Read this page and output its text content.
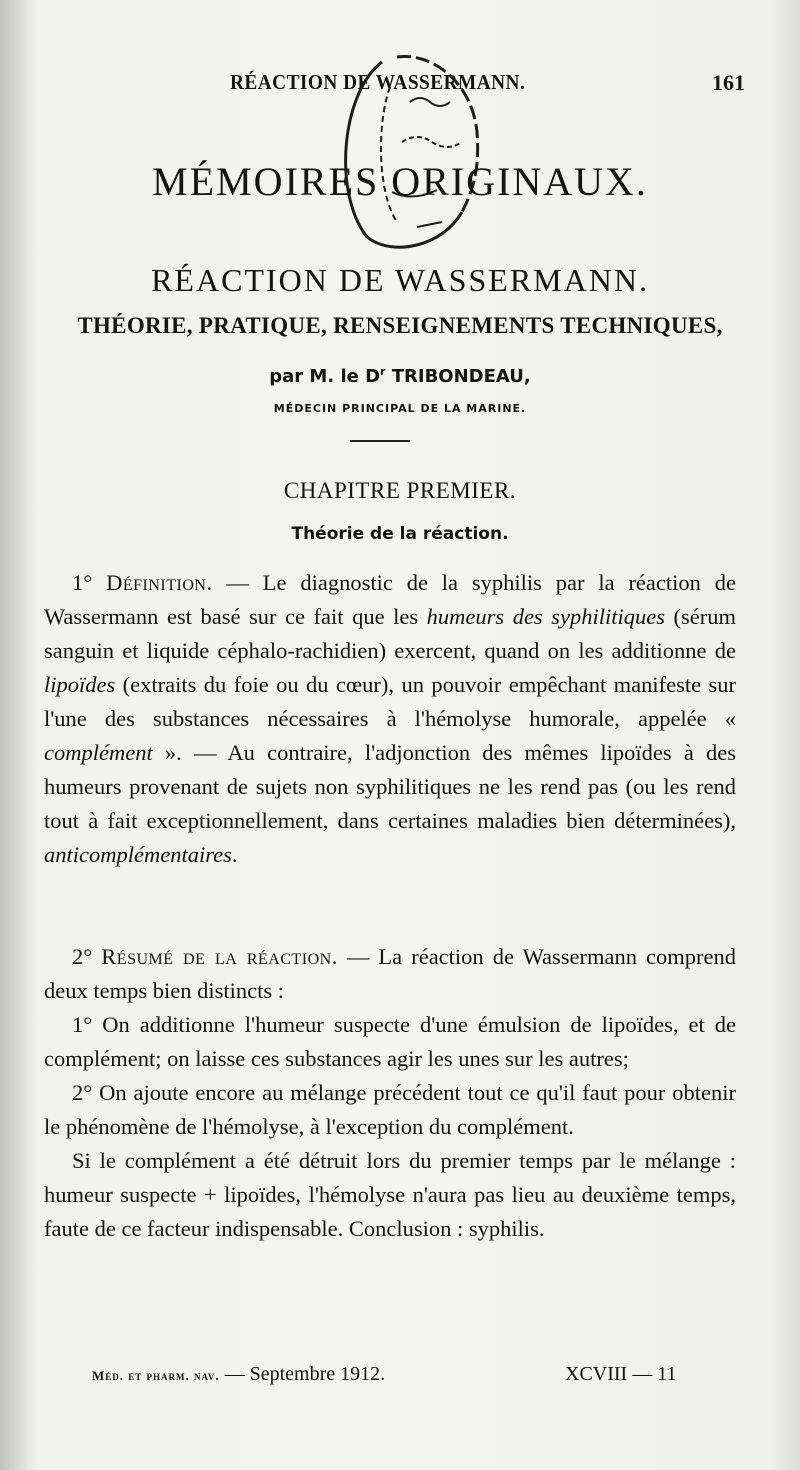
RÉACTION DE WASSERMANN.	161
MÉMOIRES ORIGINAUX.
RÉACTION DE WASSERMANN.
THÉORIE, PRATIQUE, RENSEIGNEMENTS TECHNIQUES,
par M. le $D^r$ TRIBONDEAU,
MÉDECIN PRINCIPAL DE LA MARINE.
CHAPITRE PREMIER.
Théorie de la réaction.

1° Définition. — Le diagnostic de la syphilis par la réaction de Wassermann est basé sur ce fait que les humeurs des syphilitiques (sérum sanguin et liquide céphalo-rachidien) exercent, quand on les additionne de lipoïdes (extraits du foie ou du cœur), un pouvoir empêchant manifeste sur l'une des substances nécessaires à l'hémolyse humorale, appelée « complément ». — Au contraire, l'adjonction des mêmes lipoïdes à des humeurs provenant de sujets non syphilitiques ne les rend pas (ou les rend tout à fait exceptionnellement, dans certaines maladies bien déterminées), anticomplémentaires.

2° Résumé de la réaction. — La réaction de Wassermann comprend deux temps bien distincts :

1° On additionne l'humeur suspecte d'une émulsion de lipoïdes, et de complément; on laisse ces substances agir les unes sur les autres;

2° On ajoute encore au mélange précédent tout ce qu'il faut pour obtenir le phénomène de l'hémolyse, à l'exception du complément.

Si le complément a été détruit lors du premier temps par le mélange : humeur suspecte + lipoïdes, l'hémolyse n'aura pas lieu au deuxième temps, faute de ce facteur indispensable. Conclusion : syphilis.

Méd. et pharm. nav. — Septembre 1912.	XCVIII — 11
